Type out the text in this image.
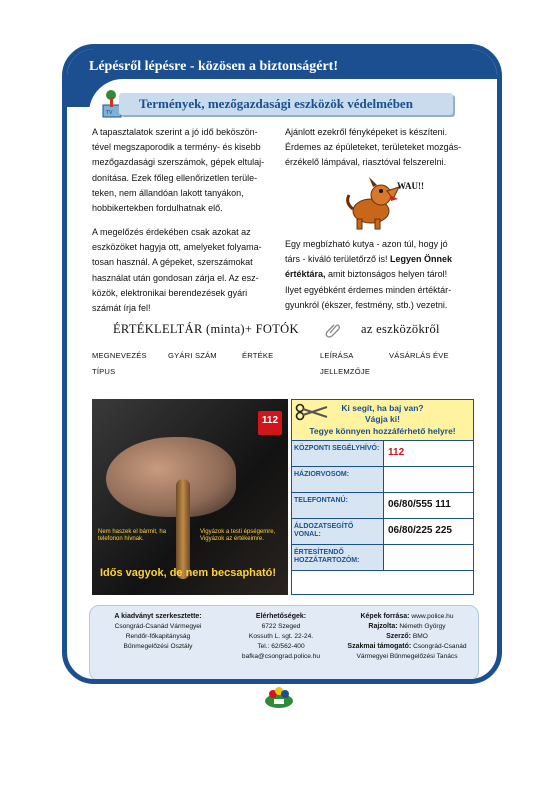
Lépésről lépésre - közösen a biztonságért!
TV
Termények, mezőgazdasági eszközök védelmében
A tapasztalatok szerint a jó idő beköszön-
tével megszaporodik a termény- és kisebb
mezőgazdasági szerszámok, gépek eltulaj-
donítása. Ezek főleg ellenőrizetlen terüle-
teken, nem állandóan lakott tanyákon,
hobbikertekben fordulhatnak elő.
A megelőzés érdekében csak azokat az
eszközöket hagyja ott, amelyeket folyama-
tosan használ. A gépeket, szerszámokat
használat után gondosan zárja el. Az esz-
közök, elektronikai berendezések gyári
számát írja fel!
Ajánlott ezekről fényképeket is készíteni.
Érdemes az épületeket, területeket mozgás-
érzékelő lámpával, riasztóval felszerelni.
WAU!!
Egy megbízható kutya - azon túl, hogy jó
társ - kiváló területőrző is! Legyen Önnek
értéktára, amit biztonságos helyen tárol!
Ilyet egyébként érdemes minden értéktár-
gyunkról (ékszer, festmény, stb.) vezetni.
ÉRTÉKLELTÁR (minta)+ FOTÓK	az eszközökről
MEGNEVEZÉS	GYÁRI SZÁM	ÉRTÉKE	LEÍRÁSA	VÁSÁRLÁS ÉVE
TÍPUS	JELLEMZŐJE
112
Nem haszek el bármit, ha telefonon hívnak.
Vigyázok a testi épségemre, Vigyázok az értékeimre.
Idős vagyok, de nem becsapható!
Ki segít, ha baj van?
Vágja ki!
Tegye könnyen hozzáférhető helyre!
KÖZPONTI SEGÉLYHÍVÓ: 112
HÁZIORVOSOM:
TELEFONTANÚ:	06/80/555 111
ÁLDOZATSEGÍTŐ VONAL:	06/80/225 225
ÉRTESÍTENDŐ HOZZÁTARTOZÓM:
A kiadványt szerkesztette:
Csongrád-Csanád Vármegyei
Rendőr-főkapitányság
Bűnmegelőzési Osztály
Elérhetőségek:
6722 Szeged
Kossuth L. sgt. 22-24.
Tel.: 62/562-400
bafka@csongrad.police.hu
Képek forrása: www.police.hu
Rajzolta: Németh György
Szerző: BMO
Szakmai támogató: Csongrád-Csanád
Vármegyei Bűnmegelőzési Tanács
